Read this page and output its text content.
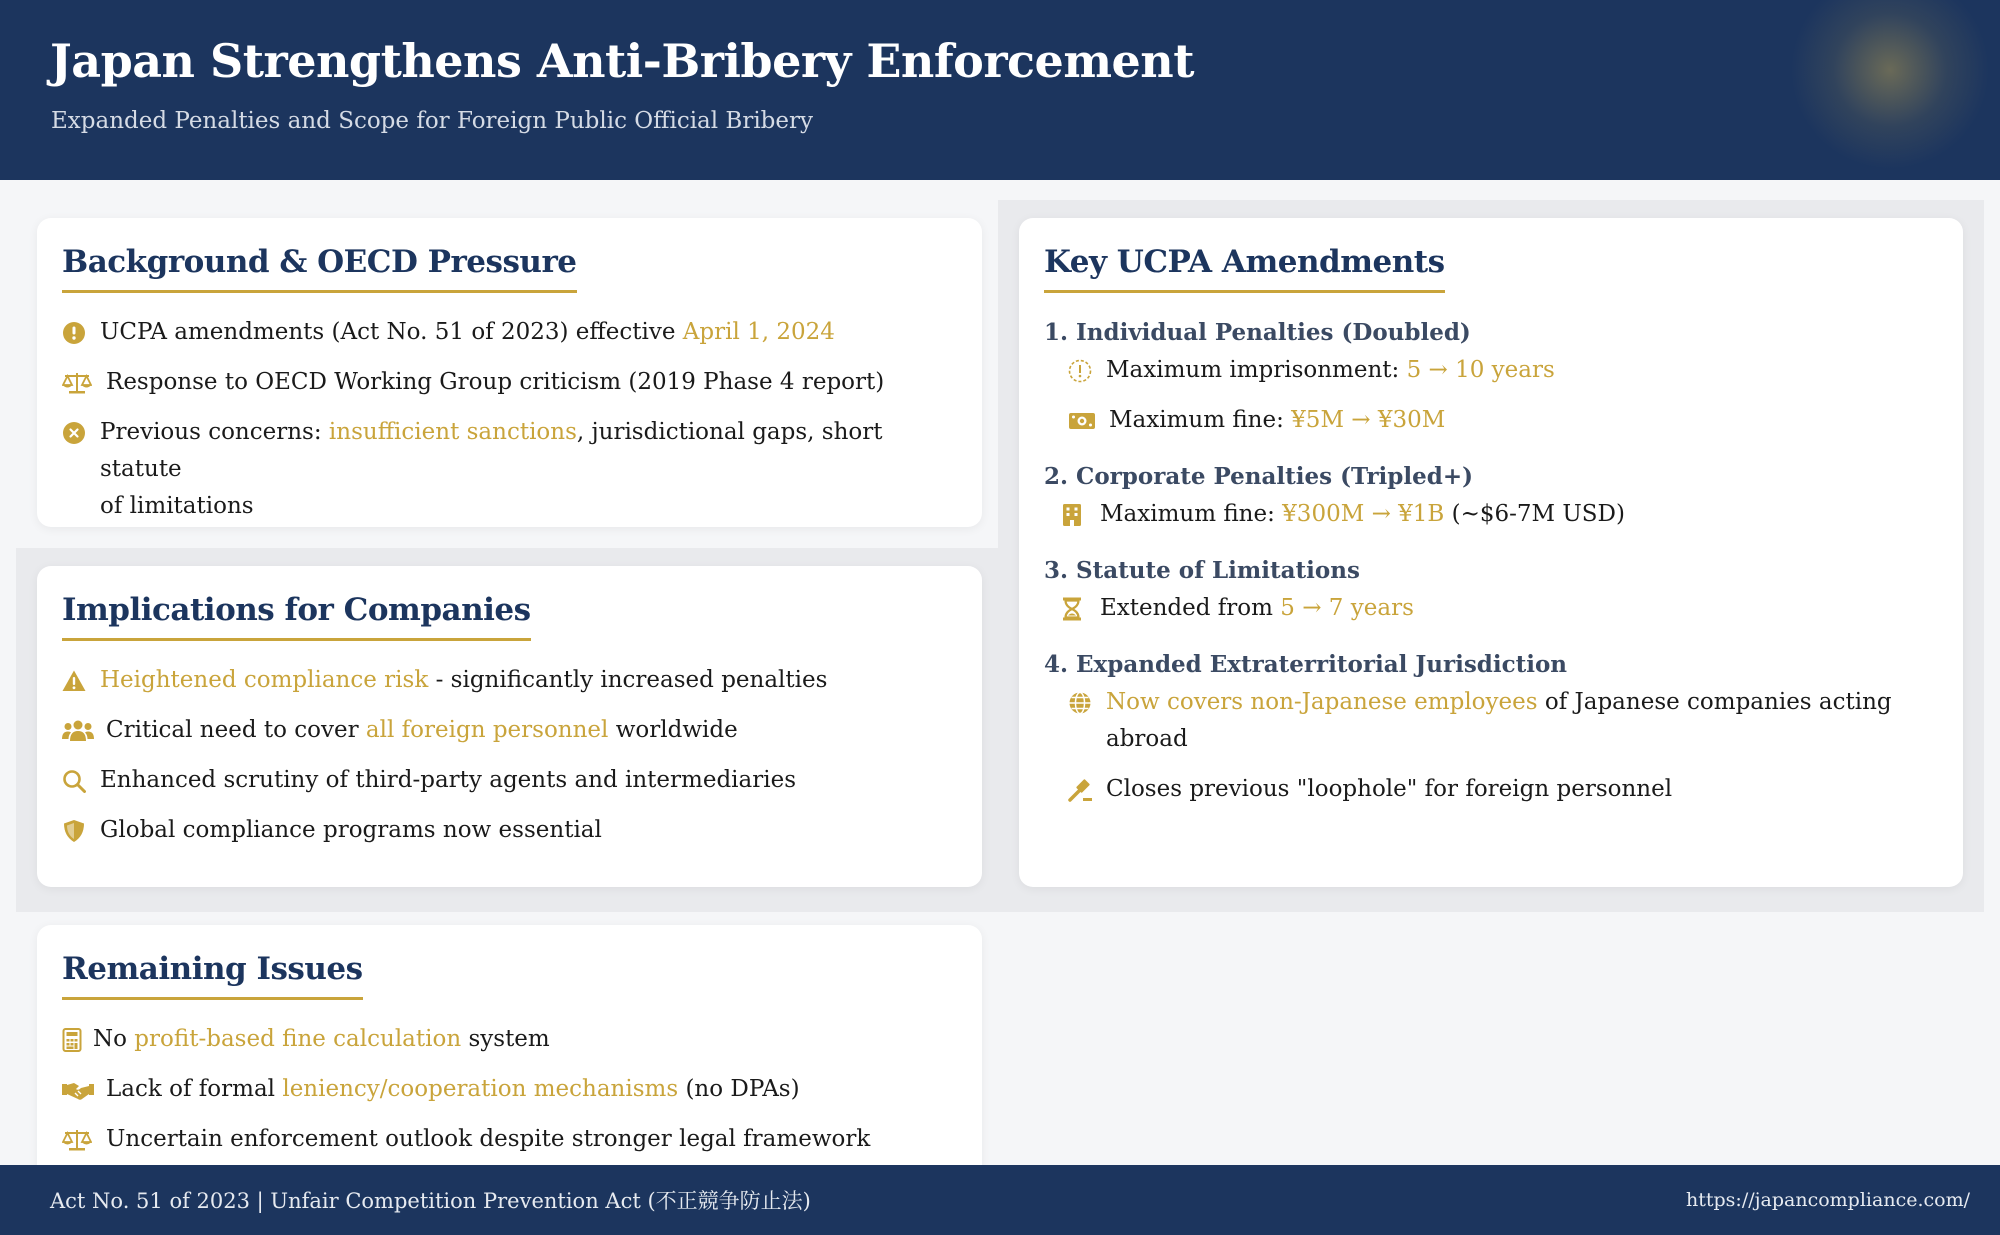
Japan Strengthens Anti-Bribery Enforcement
Expanded Penalties and Scope for Foreign Public Official Bribery
Background & OECD Pressure
UCPA amendments (Act No. 51 of 2023) effective April 1, 2024
Response to OECD Working Group criticism (2019 Phase 4 report)
Previous concerns: insufficient sanctions, jurisdictional gaps, short statute
of limitations
Implications for Companies
Heightened compliance risk - significantly increased penalties
Critical need to cover all foreign personnel worldwide
Enhanced scrutiny of third-party agents and intermediaries
Global compliance programs now essential
Remaining Issues
No profit-based fine calculation system
Lack of formal leniency/cooperation mechanisms (no DPAs)
Uncertain enforcement outlook despite stronger legal framework
Key UCPA Amendments
1. Individual Penalties (Doubled)
Maximum imprisonment: 5 → 10 years
Maximum fine: ¥5M → ¥30M
2. Corporate Penalties (Tripled+)
Maximum fine: ¥300M → ¥1B (~$6-7M USD)
3. Statute of Limitations
Extended from 5 → 7 years
4. Expanded Extraterritorial Jurisdiction
Now covers non-Japanese employees of Japanese companies acting
abroad
Closes previous "loophole" for foreign personnel
Act No. 51 of 2023 | Unfair Competition Prevention Act (不正競争防止法)	https://japancompliance.com/
